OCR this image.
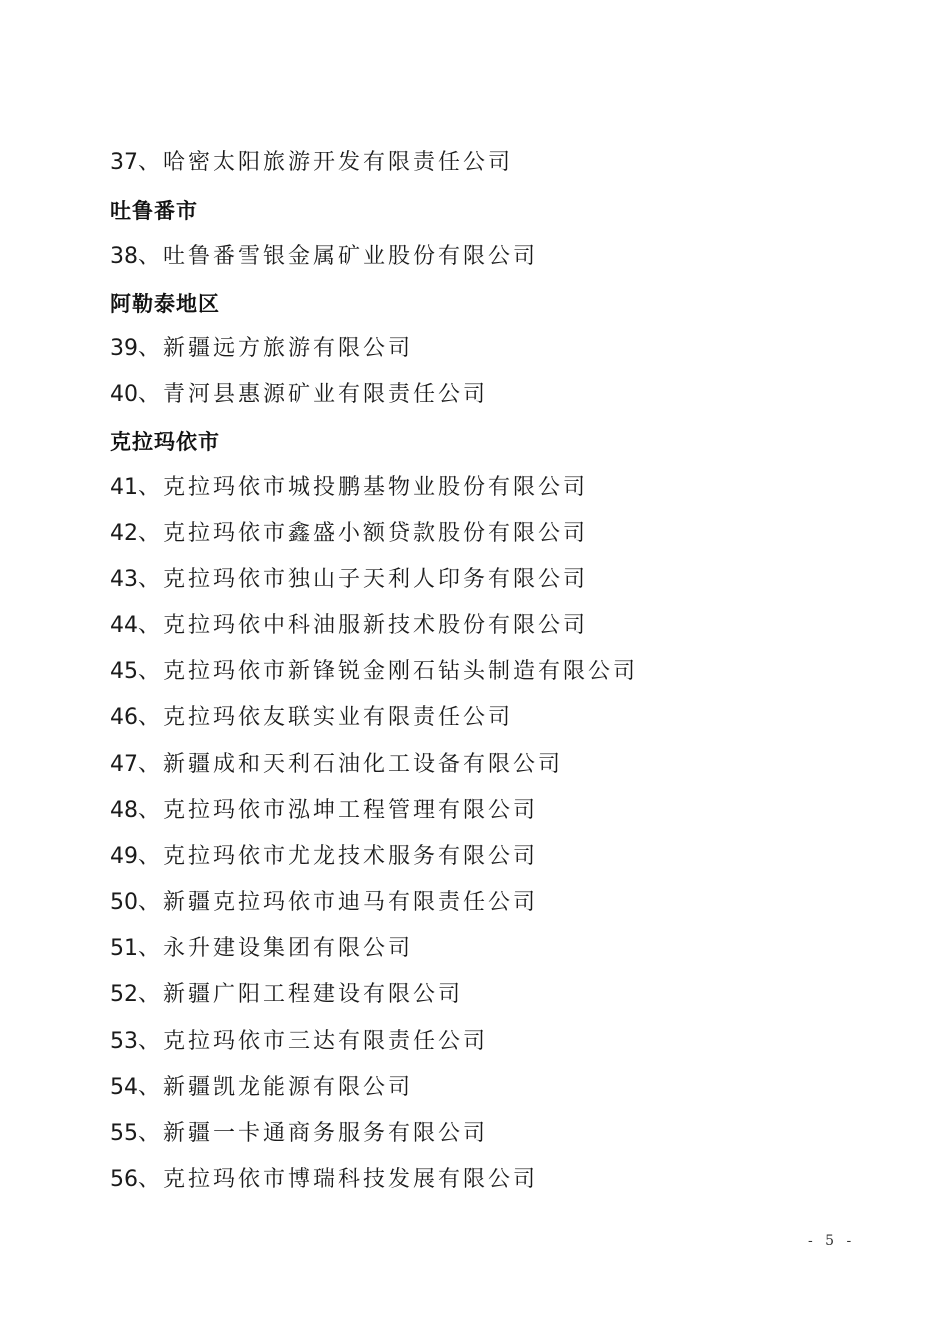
37、哈密太阳旅游开发有限责任公司
吐鲁番市
38、吐鲁番雪银金属矿业股份有限公司
阿勒泰地区
39、新疆远方旅游有限公司
40、青河县惠源矿业有限责任公司
克拉玛依市
41、克拉玛依市城投鹏基物业股份有限公司
42、克拉玛依市鑫盛小额贷款股份有限公司
43、克拉玛依市独山子天利人印务有限公司
44、克拉玛依中科油服新技术股份有限公司
45、克拉玛依市新锋锐金刚石钻头制造有限公司
46、克拉玛依友联实业有限责任公司
47、新疆成和天利石油化工设备有限公司
48、克拉玛依市泓坤工程管理有限公司
49、克拉玛依市尤龙技术服务有限公司
50、新疆克拉玛依市迪马有限责任公司
51、永升建设集团有限公司
52、新疆广阳工程建设有限公司
53、克拉玛依市三达有限责任公司
54、新疆凯龙能源有限公司
55、新疆一卡通商务服务有限公司
56、克拉玛依市博瑞科技发展有限公司
- 5 -
